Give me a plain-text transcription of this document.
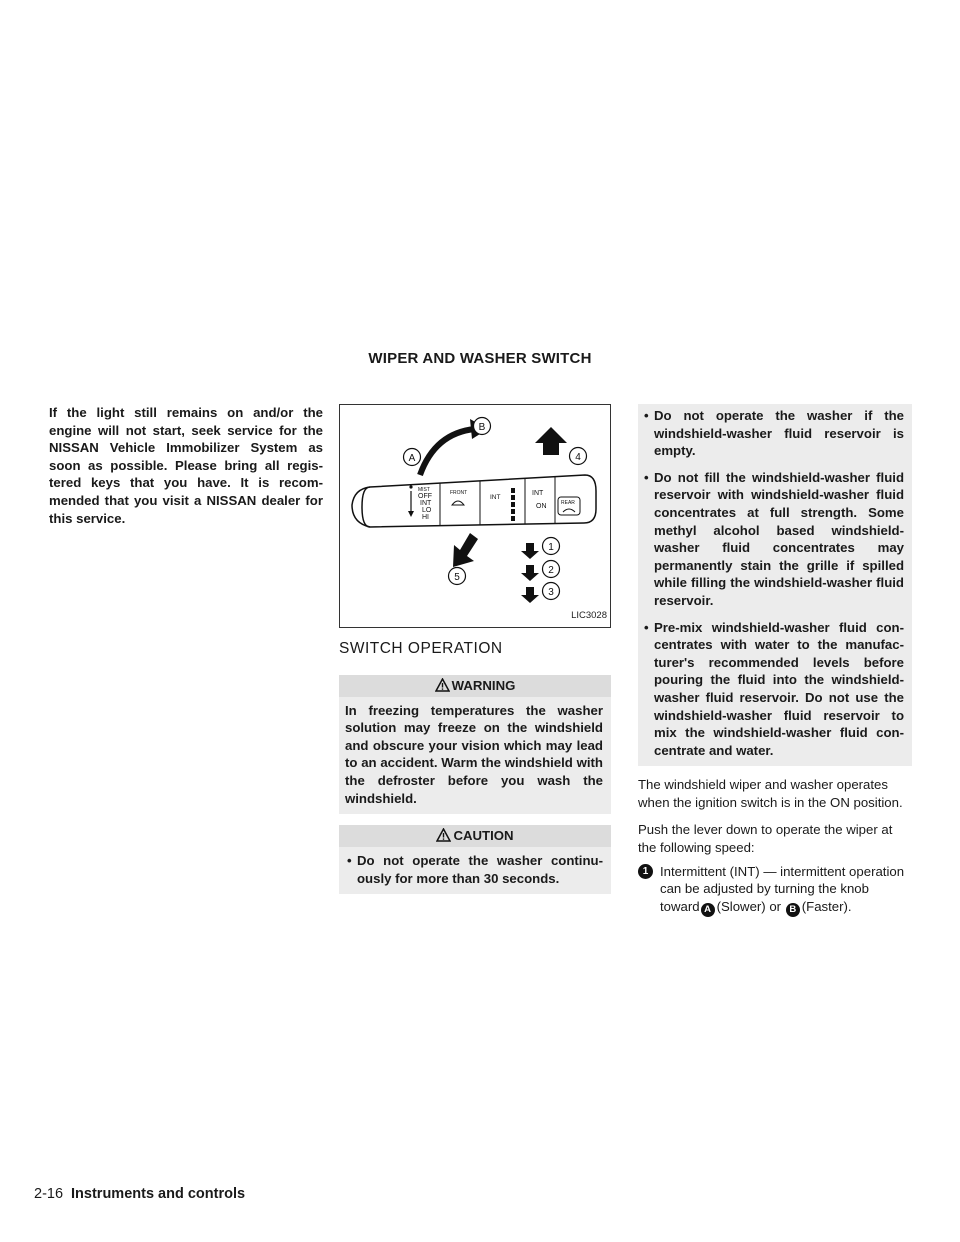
WIPER AND WASHER SWITCH
If the light still remains on and/or the engine will not start, seek service for the NISSAN Vehicle Immobilizer System as soon as possible. Please bring all registered keys that you have. It is recommended that you visit a NISSAN dealer for this service.
MIST
OFF
INT
LO
HI
FRONT
INT
INT
ON	REAR
A
B
1
2
3
4
5
LIC3028
SWITCH OPERATION
WARNING
In freezing temperatures the washer solution may freeze on the windshield and obscure your vision which may lead to an accident. Warm the windshield with the defroster before you wash the windshield.
CAUTION
• Do not operate the washer continuously for more than 30 seconds.
• Do not operate the washer if the windshield-washer fluid reservoir is empty.
• Do not fill the windshield-washer fluid reservoir with windshield-washer fluid concentrates at full strength. Some methyl alcohol based windshield-washer fluid concentrates may permanently stain the grille if spilled while filling the windshield-washer fluid reservoir.
• Pre-mix windshield-washer fluid concentrates with water to the manufacturer's recommended levels before pouring the fluid into the windshield-washer fluid reservoir. Do not use the windshield-washer fluid reservoir to mix the windshield-washer fluid concentrate and water.

The windshield wiper and washer operates when the ignition switch is in the ON position.

Push the lever down to operate the wiper at the following speed:

1 Intermittent (INT) — intermittent operation can be adjusted by turning the knob toward A (Slower) or B (Faster).
2-16 Instruments and controls
